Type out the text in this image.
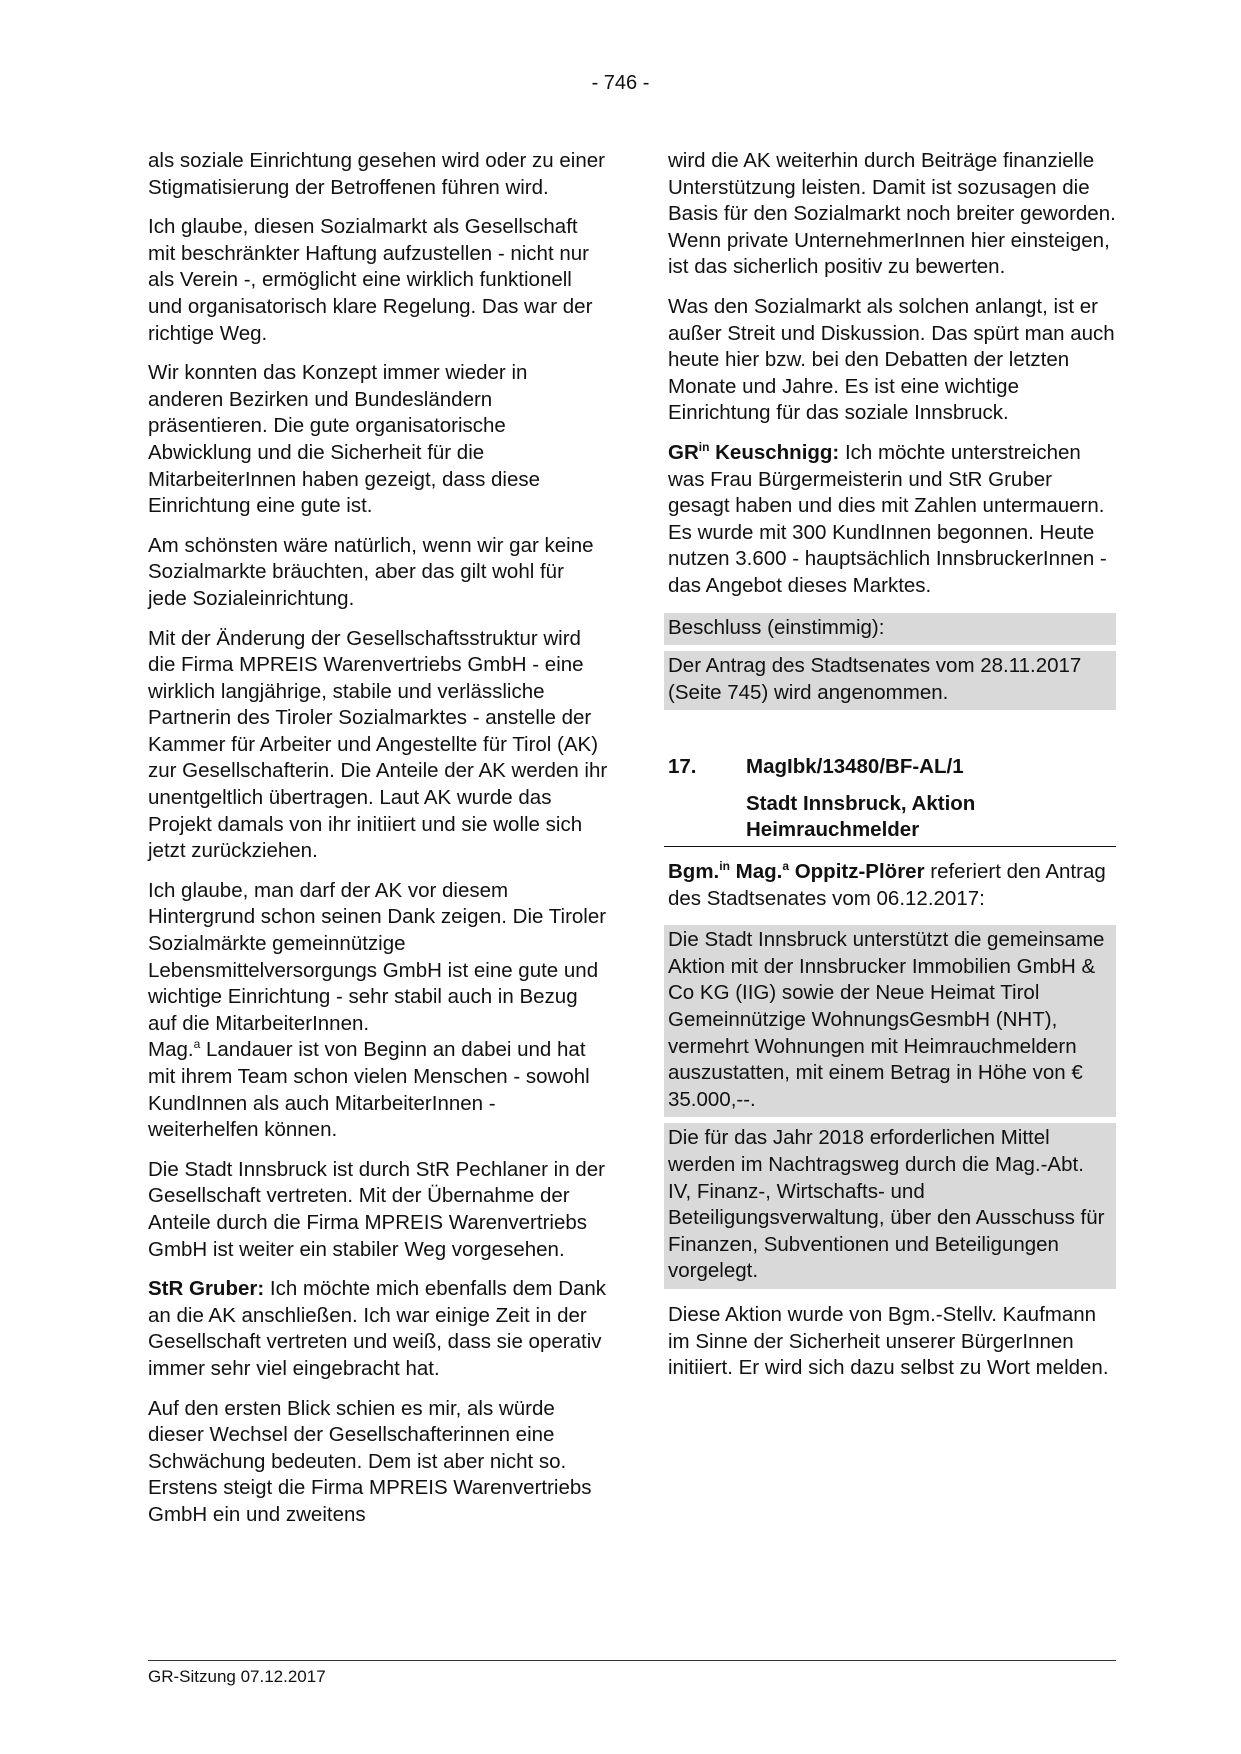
- 746 -

als soziale Einrichtung gesehen wird oder zu einer Stigmatisierung der Betroffenen führen wird.

Ich glaube, diesen Sozialmarkt als Gesellschaft mit beschränkter Haftung aufzustellen - nicht nur als Verein -, ermöglicht eine wirklich funktionell und organisatorisch klare Regelung. Das war der richtige Weg.

Wir konnten das Konzept immer wieder in anderen Bezirken und Bundesländern präsentieren. Die gute organisatorische Abwicklung und die Sicherheit für die MitarbeiterInnen haben gezeigt, dass diese Einrichtung eine gute ist.

Am schönsten wäre natürlich, wenn wir gar keine Sozialmarkte bräuchten, aber das gilt wohl für jede Sozialeinrichtung.

Mit der Änderung der Gesellschaftsstruktur wird die Firma MPREIS Warenvertriebs GmbH - eine wirklich langjährige, stabile und verlässliche Partnerin des Tiroler Sozialmarktes - anstelle der Kammer für Arbeiter und Angestellte für Tirol (AK) zur Gesellschafterin. Die Anteile der AK werden ihr unentgeltlich übertragen. Laut AK wurde das Projekt damals von ihr initiiert und sie wolle sich jetzt zurückziehen.

Ich glaube, man darf der AK vor diesem Hintergrund schon seinen Dank zeigen. Die Tiroler Sozialmärkte gemeinnützige Lebensmittelversorgungs GmbH ist eine gute und wichtige Einrichtung - sehr stabil auch in Bezug auf die MitarbeiterInnen.
Mag.$^a$ Landauer ist von Beginn an dabei und hat mit ihrem Team schon vielen Menschen - sowohl KundInnen als auch MitarbeiterInnen - weiterhelfen können.

Die Stadt Innsbruck ist durch StR Pechlaner in der Gesellschaft vertreten. Mit der Übernahme der Anteile durch die Firma MPREIS Warenvertriebs GmbH ist weiter ein stabiler Weg vorgesehen.

StR Gruber: Ich möchte mich ebenfalls dem Dank an die AK anschließen. Ich war einige Zeit in der Gesellschaft vertreten und weiß, dass sie operativ immer sehr viel eingebracht hat.

Auf den ersten Blick schien es mir, als würde dieser Wechsel der Gesellschafterinnen eine Schwächung bedeuten. Dem ist aber nicht so. Erstens steigt die Firma MPREIS Warenvertriebs GmbH ein und zweitens

wird die AK weiterhin durch Beiträge finanzielle Unterstützung leisten. Damit ist sozusagen die Basis für den Sozialmarkt noch breiter geworden. Wenn private UnternehmerInnen hier einsteigen, ist das sicherlich positiv zu bewerten.

Was den Sozialmarkt als solchen anlangt, ist er außer Streit und Diskussion. Das spürt man auch heute hier bzw. bei den Debatten der letzten Monate und Jahre. Es ist eine wichtige Einrichtung für das soziale Innsbruck.

$GR^{in}$ Keuschnigg: Ich möchte unterstreichen was Frau Bürgermeisterin und StR Gruber gesagt haben und dies mit Zahlen untermauern. Es wurde mit 300 KundInnen begonnen. Heute nutzen 3.600 - hauptsächlich InnsbruckerInnen - das Angebot dieses Marktes.

Beschluss (einstimmig):

Der Antrag des Stadtsenates vom 28.11.2017 (Seite 745) wird angenommen.

17.	MagIbk/13480/BF-AL/1
Stadt Innsbruck, Aktion Heimrauchmelder

Bgm.$^{in}$ Mag.$^a$ Oppitz-Plörer referiert den Antrag des Stadtsenates vom 06.12.2017:

Die Stadt Innsbruck unterstützt die gemeinsame Aktion mit der Innsbrucker Immobilien GmbH & Co KG (IIG) sowie der Neue Heimat Tirol Gemeinnützige WohnungsGesmbH (NHT), vermehrt Wohnungen mit Heimrauchmeldern auszustatten, mit einem Betrag in Höhe von € 35.000,--.

Die für das Jahr 2018 erforderlichen Mittel werden im Nachtragsweg durch die Mag.-Abt. IV, Finanz-, Wirtschafts- und Beteiligungsverwaltung, über den Ausschuss für Finanzen, Subventionen und Beteiligungen vorgelegt.

Diese Aktion wurde von Bgm.-Stellv. Kaufmann im Sinne der Sicherheit unserer BürgerInnen initiiert. Er wird sich dazu selbst zu Wort melden.

GR-Sitzung 07.12.2017
